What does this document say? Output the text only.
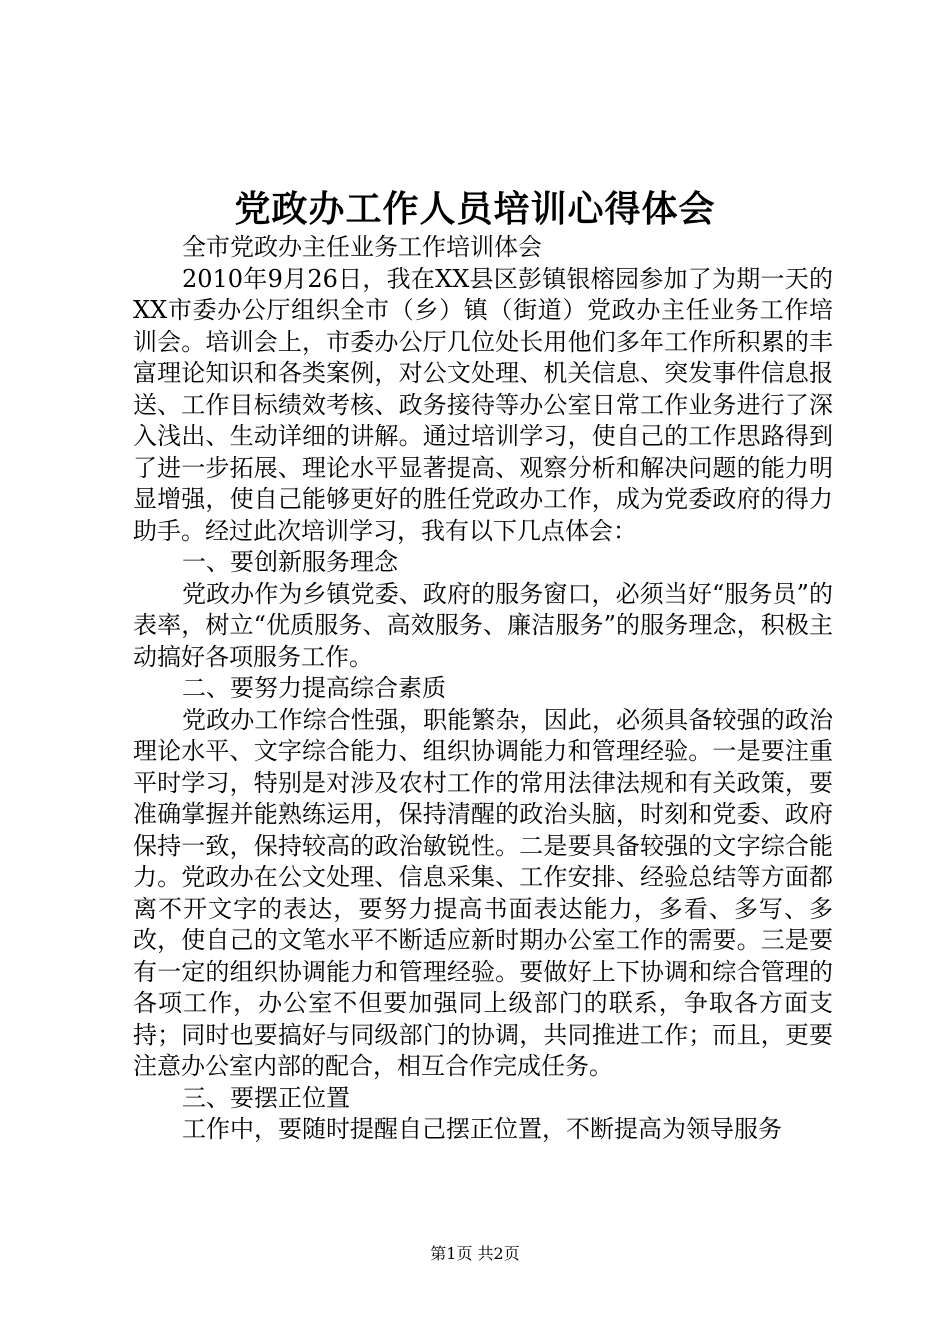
党政办工作人员培训心得体会

全市党政办主任业务工作培训体会

2010年9月26日，我在XX县区彭镇银榕园参加了为期一天的XX市委办公厅组织全市（乡）镇（街道）党政办主任业务工作培训会。培训会上，市委办公厅几位处长用他们多年工作所积累的丰富理论知识和各类案例，对公文处理、机关信息、突发事件信息报送、工作目标绩效考核、政务接待等办公室日常工作业务进行了深入浅出、生动详细的讲解。通过培训学习，使自己的工作思路得到了进一步拓展、理论水平显著提高、观察分析和解决问题的能力明显增强，使自己能够更好的胜任党政办工作，成为党委政府的得力助手。经过此次培训学习，我有以下几点体会：

一、要创新服务理念

党政办作为乡镇党委、政府的服务窗口，必须当好“服务员”的表率，树立“优质服务、高效服务、廉洁服务”的服务理念，积极主动搞好各项服务工作。

二、要努力提高综合素质

党政办工作综合性强，职能繁杂，因此，必须具备较强的政治理论水平、文字综合能力、组织协调能力和管理经验。一是要注重平时学习，特别是对涉及农村工作的常用法律法规和有关政策，要准确掌握并能熟练运用，保持清醒的政治头脑，时刻和党委、政府保持一致，保持较高的政治敏锐性。二是要具备较强的文字综合能力。党政办在公文处理、信息采集、工作安排、经验总结等方面都离不开文字的表达，要努力提高书面表达能力，多看、多写、多改，使自己的文笔水平不断适应新时期办公室工作的需要。三是要有一定的组织协调能力和管理经验。要做好上下协调和综合管理的各项工作，办公室不但要加强同上级部门的联系，争取各方面支持；同时也要搞好与同级部门的协调，共同推进工作；而且，更要注意办公室内部的配合，相互合作完成任务。

三、要摆正位置

工作中，要随时提醒自己摆正位置，不断提高为领导服务

第1页 共2页
